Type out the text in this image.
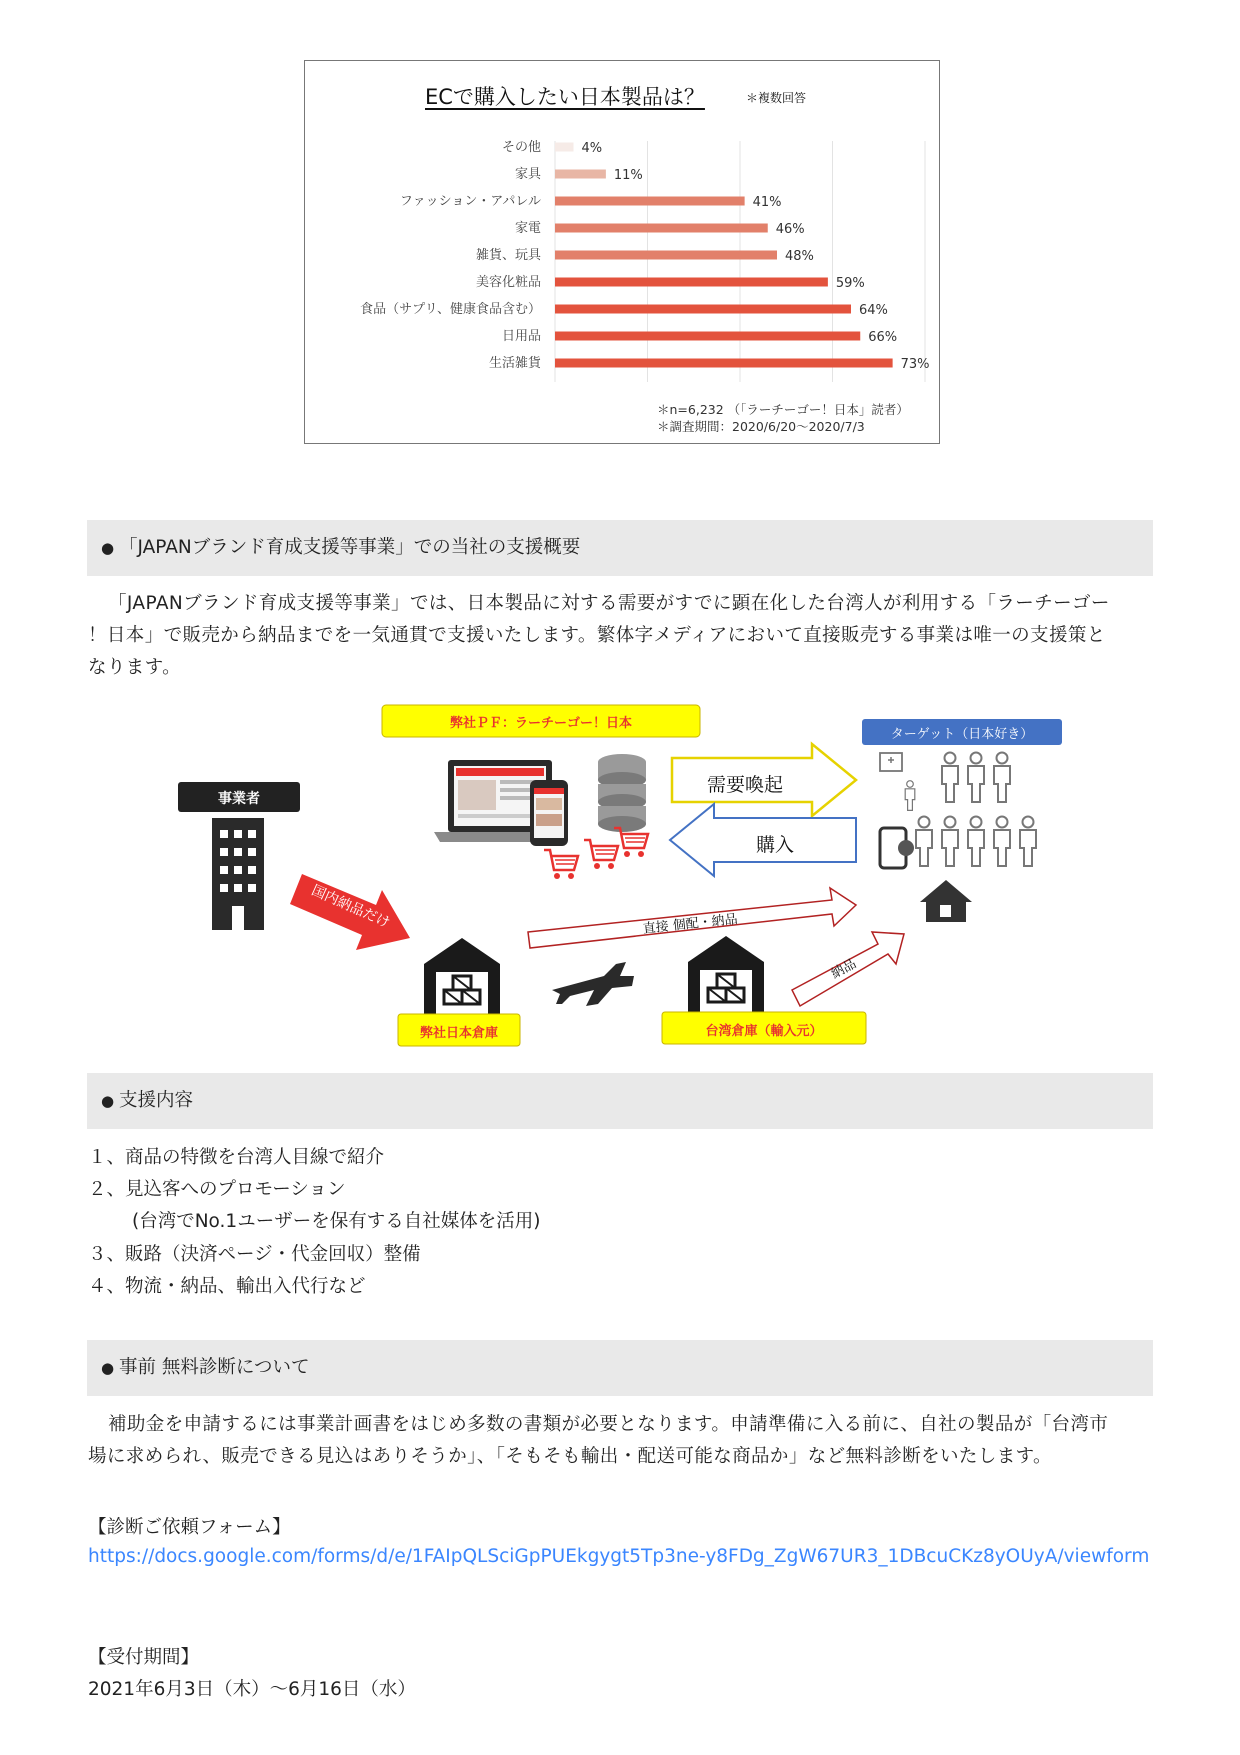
ECで購入したい日本製品は？	＊複数回答
その他	4%
家具	11%
ファッション・アパレル	41%
家電	46%
雑貨、玩具	48%
美容化粧品	59%
食品（サプリ、健康食品含む）	64%
日用品	66%
生活雑貨	73%
＊n=6,232 （「ラーチーゴー！日本」読者）
＊調査期間：2020/6/20～2020/7/3
● 「JAPANブランド育成支援等事業」での当社の支援概要
「JAPANブランド育成支援等事業」では、日本製品に対する需要がすでに顕在化した台湾人が利用する「ラーチーゴー
！日本」で販売から納品までを一気通貫で支援いたします。繁体字メディアにおいて直接販売する事業は唯一の支援策と
なります。
弊社ＰＦ：ラーチーゴー！日本
ターゲット（日本好き）
事業者
需要喚起
購入
国内納品だけ	直接 個配・納品
納品
弊社日本倉庫	台湾倉庫（輸入元）
● 支援内容
１、商品の特徴を台湾人目線で紹介
２、見込客へのプロモーション
(台湾でNo.1ユーザーを保有する自社媒体を活用)
３、販路（決済ページ・代金回収）整備
４、物流・納品、輸出入代行など
● 事前 無料診断について
補助金を申請するには事業計画書をはじめ多数の書類が必要となります。申請準備に入る前に、自社の製品が「台湾市
場に求められ、販売できる見込はありそうか」、「そもそも輸出・配送可能な商品か」など無料診断をいたします。
【診断ご依頼フォーム】
https://docs.google.com/forms/d/e/1FAIpQLSciGpPUEkgygt5Tp3ne-y8FDg_ZgW67UR3_1DBcuCKz8yOUyA/viewform
【受付期間】
2021年6月3日（木）～6月16日（水）
